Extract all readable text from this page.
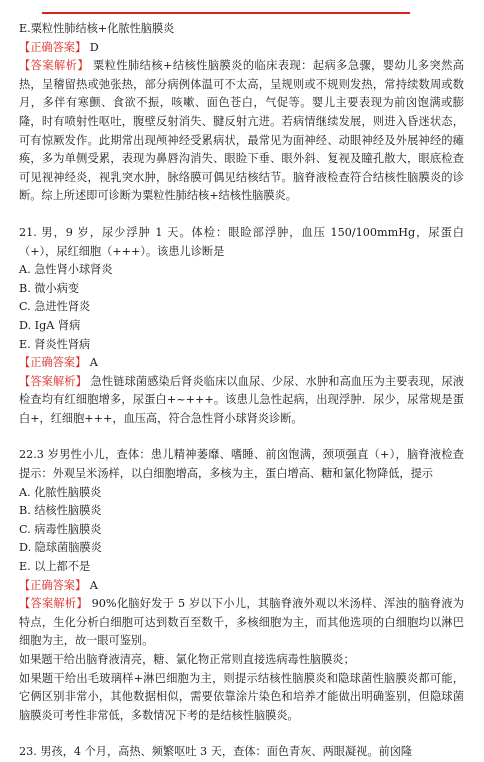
E.粟粒性肺结核+化脓性脑膜炎

【正确答案】 D

【答案解析】 粟粒性肺结核+结核性脑膜炎的临床表现：起病多急骤，婴幼儿多突然高热，呈稽留热或弛张热，部分病例体温可不太高，呈规则或不规则发热，常持续数周或数月，多伴有寒颤、食欲不振，咳嗽、面色苍白，气促等。婴儿主要表现为前囟饱满或膨隆，时有喷射性呕吐，腹壁反射消失、腱反射亢进。若病情继续发展，则进入昏迷状态，可有惊厥发作。此期常出现颅神经受累病状，最常见为面神经、动眼神经及外展神经的瘫痪，多为单侧受累，表现为鼻唇沟消失、眼睑下垂、眼外斜、复视及瞳孔散大，眼底检查可见视神经炎，视乳突水肿，脉络膜可偶见结核结节。脑脊液检查符合结核性脑膜炎的诊断。综上所述即可诊断为粟粒性肺结核+结核性脑膜炎。

21. 男，9 岁，尿少浮肿 1 天。体检：眼睑部浮肿，血压 150/100mmHg，尿蛋白（+），尿红细胞（+++）。该患儿诊断是

A. 急性肾小球肾炎

B. 微小病变

C. 急进性肾炎

D. IgA 肾病

E. 肾炎性肾病

【正确答案】 A

【答案解析】 急性链球菌感染后肾炎临床以血尿、少尿、水肿和高血压为主要表现，尿液检查均有红细胞增多，尿蛋白+~+++。该患儿急性起病，出现浮肿．尿少，尿常规是蛋白+，红细胞+++，血压高，符合急性肾小球肾炎诊断。

22.3 岁男性小儿，查体：患儿精神萎靡、嗜睡、前囟饱满，颈项强直（+），脑脊液检查提示：外观呈米汤样，以白细胞增高，多核为主，蛋白增高、糖和氯化物降低，提示

A. 化脓性脑膜炎

B. 结核性脑膜炎

C. 病毒性脑膜炎

D. 隐球菌脑膜炎

E. 以上都不是

【正确答案】 A

【答案解析】 90%化脑好发于 5 岁以下小儿，其脑脊液外观以米汤样、浑浊的脑脊液为特点，生化分析白细胞可达到数百至数千，多核细胞为主，而其他选项的白细胞均以淋巴细胞为主，故一眼可鉴别。

如果题干给出脑脊液清亮，糖、氯化物正常则直接选病毒性脑膜炎；

如果题干给出毛玻璃样+淋巴细胞为主，则提示结核性脑膜炎和隐球菌性脑膜炎都可能，它俩区别非常小，其他数据相似，需要依靠涂片染色和培养才能做出明确鉴别，但隐球菌脑膜炎可考性非常低，多数情况下考的是结核性脑膜炎。

23. 男孩，4 个月，高热、频繁呕吐 3 天，查体：面色青灰、两眼凝视。前囟隆
